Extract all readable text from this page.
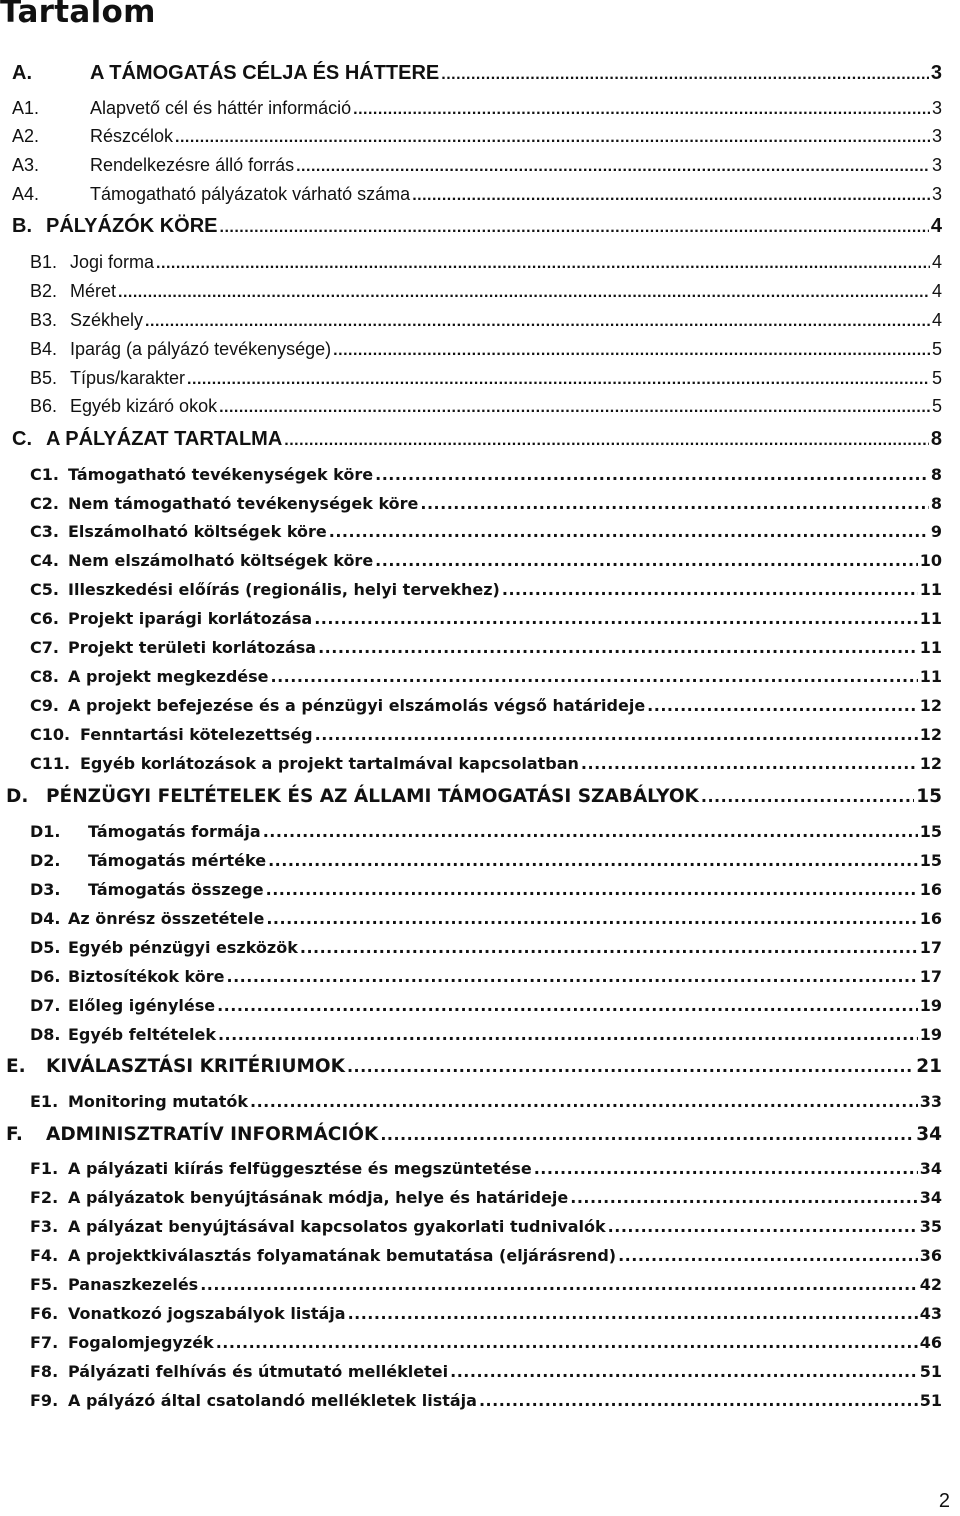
Tartalom
A.	A TÁMOGATÁS CÉLJA ÉS HÁTTERE .....	3
A1.	Alapvető cél és háttér információ .....	3
A2.	Részcélok .....	3
A3.	Rendelkezésre álló forrás .....	3
A4.	Támogatható pályázatok várható száma .....	3
B. PÁLYÁZÓK KÖRE .....	4
B1. Jogi forma .....	4
B2. Méret .....	4
B3. Székhely .....	4
B4. Iparág (a pályázó tevékenysége) .....	5
B5. Típus/karakter .....	5
B6. Egyéb kizáró okok .....	5
C. A PÁLYÁZAT TARTALMA .....	8
C1. Támogatható tevékenységek köre .....	8
C2. Nem támogatható tevékenységek köre .....	8
C3. Elszámolható költségek köre .....	9
C4. Nem elszámolható költségek köre .....	10
C5. Illeszkedési előírás (regionális, helyi tervekhez) .....	11
C6. Projekt iparági korlátozása .....	11
C7. Projekt területi korlátozása .....	11
C8. A projekt megkezdése .....	11
C9. A projekt befejezése és a pénzügyi elszámolás végső határideje .....	12
C10. Fenntartási kötelezettség .....	12
C11. Egyéb korlátozások a projekt tartalmával kapcsolatban .....	12
D. PÉNZÜGYI FELTÉTELEK ÉS AZ ÁLLAMI TÁMOGATÁSI SZABÁLYOK .....	15
D1.	Támogatás formája .....	15
D2.	Támogatás mértéke .....	15
D3.	Támogatás összege .....	16
D4. Az önrész összetétele .....	16
D5. Egyéb pénzügyi eszközök .....	17
D6. Biztosítékok köre .....	17
D7. Előleg igénylése .....	19
D8. Egyéb feltételek .....	19
E.	KIVÁLASZTÁSI KRITÉRIUMOK .....	21
E1. Monitoring mutatók .....	33
F.	ADMINISZTRATÍV INFORMÁCIÓK .....	34
F1. A pályázati kiírás felfüggesztése és megszüntetése .....	34
F2. A pályázatok benyújtásának módja, helye és határideje .....	34
F3. A pályázat benyújtásával kapcsolatos gyakorlati tudnivalók .....	35
F4. A projektkiválasztás folyamatának bemutatása (eljárásrend) .....	36
F5. Panaszkezelés .....	42
F6. Vonatkozó jogszabályok listája .....	43
F7. Fogalomjegyzék .....	46
F8. Pályázati felhívás és útmutató mellékletei .....	51
F9. A pályázó által csatolandó mellékletek listája .....	51
2
